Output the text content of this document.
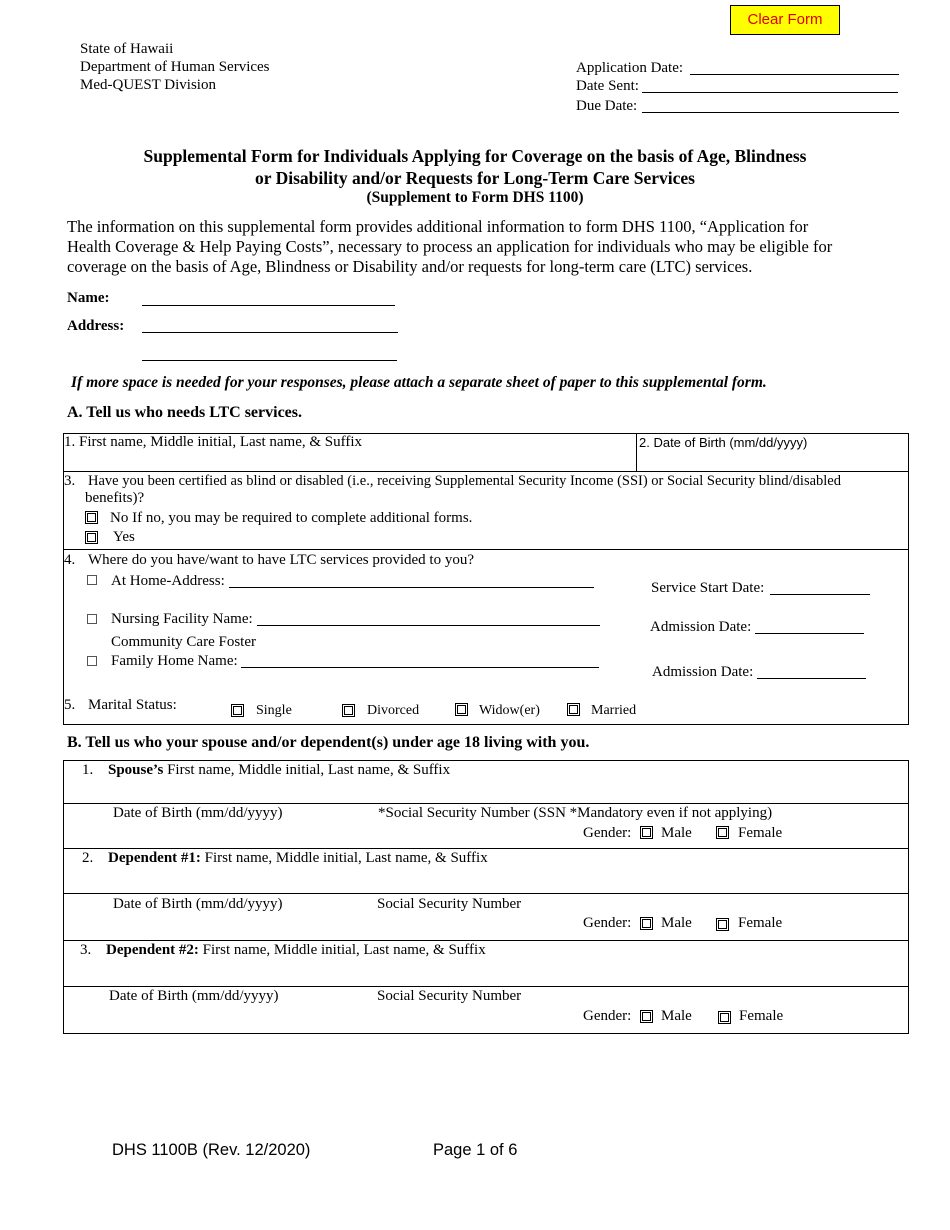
Clear Form
State of Hawaii
Department of Human Services
Med-QUEST Division
Application Date:
Date Sent:
Due Date:
Supplemental Form for Individuals Applying for Coverage on the basis of Age, Blindness
or Disability and/or Requests for Long-Term Care Services
(Supplement to Form DHS 1100)
The information on this supplemental form provides additional information to form DHS 1100, “Application for
Health Coverage & Help Paying Costs”, necessary to process an application for individuals who may be eligible for
coverage on the basis of Age, Blindness or Disability and/or requests for long-term care (LTC) services.
Name:
Address:
If more space is needed for your responses, please attach a separate sheet of paper to this supplemental form.
A. Tell us who needs LTC services.
1. First name, Middle initial, Last name, & Suffix	2. Date of Birth (mm/dd/yyyy)
3. Have you been certified as blind or disabled (i.e., receiving Supplemental Security Income (SSI) or Social Security blind/disabled
benefits)?
No If no, you may be required to complete additional forms.
Yes
4. Where do you have/want to have LTC services provided to you?
At Home-Address:	Service Start Date:
Nursing Facility Name:	Admission Date:
Community Care Foster
Family Home Name:
Admission Date:
5. Marital Status:	Single	Divorced	Widow(er)	Married
B. Tell us who your spouse and/or dependent(s) under age 18 living with you.
1. Spouse’s First name, Middle initial, Last name, & Suffix
Date of Birth (mm/dd/yyyy)	*Social Security Number (SSN *Mandatory even if not applying)
Gender: Male	Female
2. Dependent #1: First name, Middle initial, Last name, & Suffix
Date of Birth (mm/dd/yyyy)	Social Security Number
Gender: Male	Female
3. Dependent #2: First name, Middle initial, Last name, & Suffix
Date of Birth (mm/dd/yyyy)	Social Security Number
Gender: Male	Female
DHS 1100B (Rev. 12/2020)	Page 1 of 6
